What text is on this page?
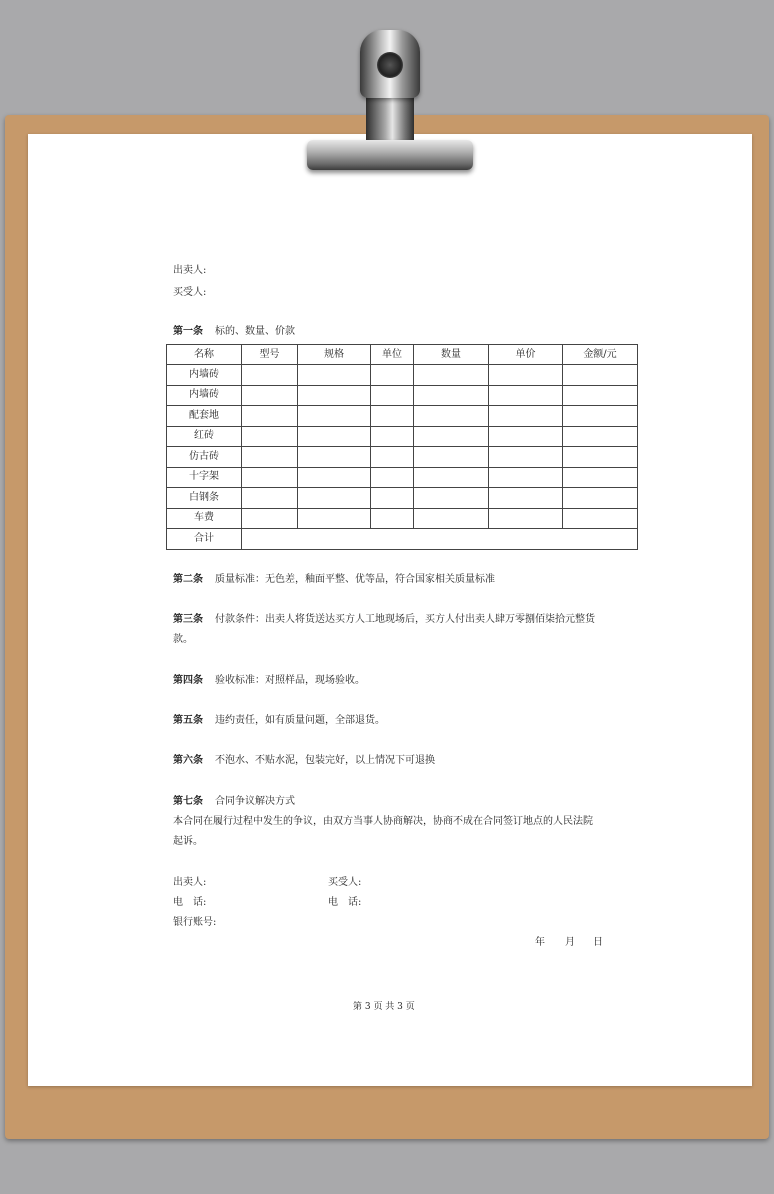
出卖人:
买受人:
第一条 标的、数量、价款
名称	型号	规格	单位	数量	单价	金额/元
内墙砖						
内墙砖						
配套地						
红砖						
仿古砖						
十字架						
白钢条						
车费						
合计						
第二条 质量标准：无色差，釉面平整、优等品，符合国家相关质量标准
第三条 付款条件：出卖人将货送达买方人工地现场后，买方人付出卖人肆万零捌佰柒拾元整货
款。
第四条 验收标准：对照样品，现场验收。
第五条 违约责任，如有质量问题，全部退货。
第六条 不泡水、不贴水泥，包装完好，以上情况下可退换
第七条 合同争议解决方式
本合同在履行过程中发生的争议，由双方当事人协商解决，协商不成在合同签订地点的人民法院
起诉。
出卖人:	买受人:
电　话:	电　话:
银行账号:
年 月 日
第 3 页 共 3 页
